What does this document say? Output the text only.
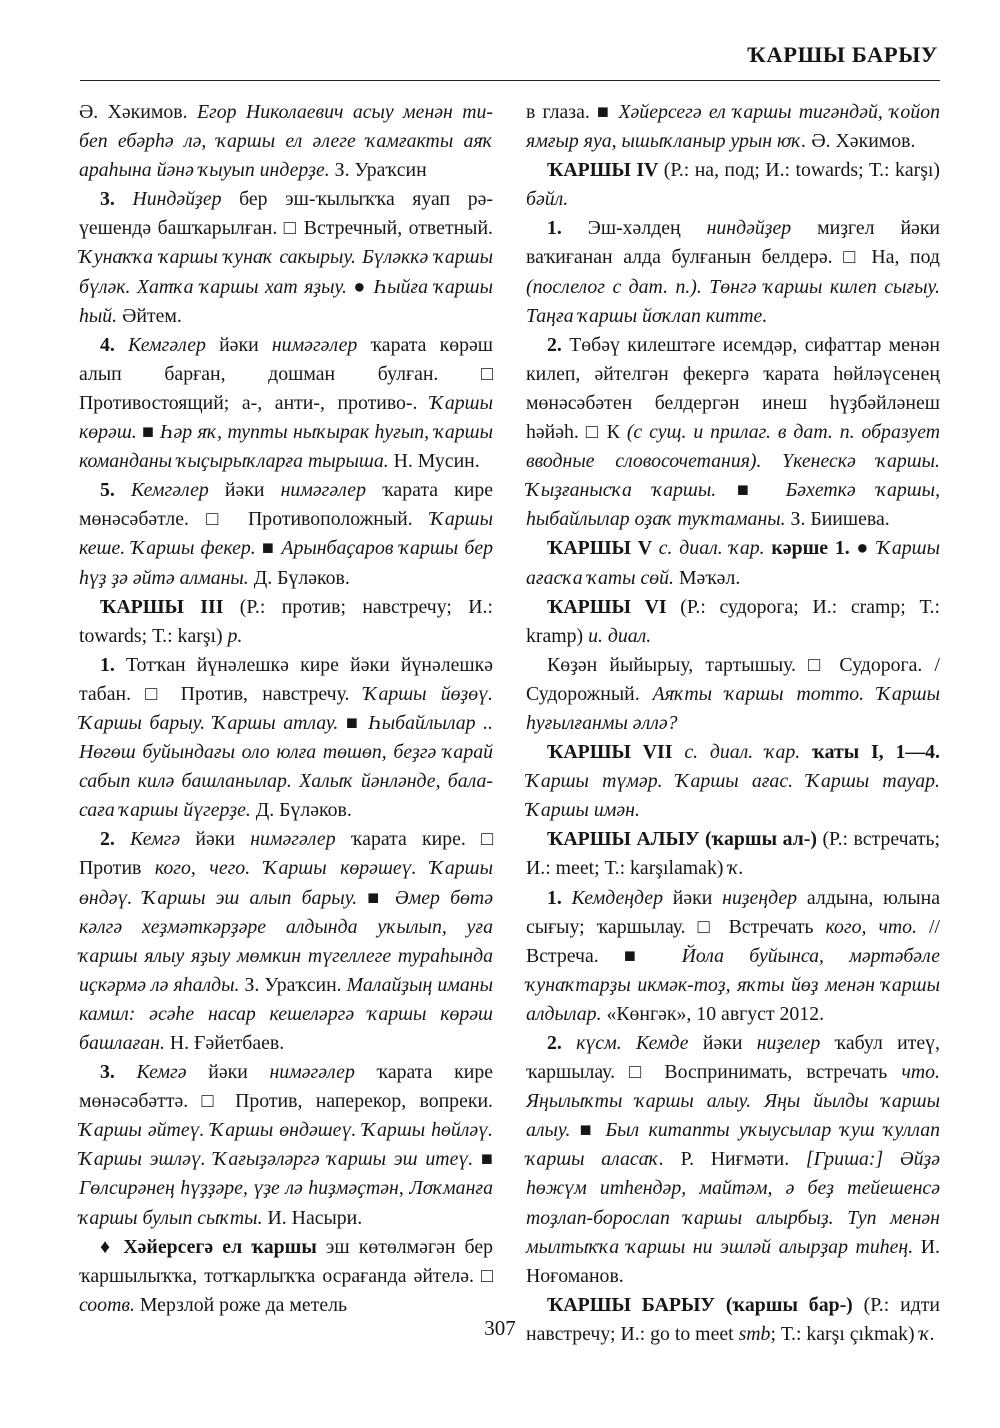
ҠАРШЫ БАРЫУ

Ә. Хәкимов. Егор Николаевич асыу менән ти-беп ебәрһә лә, ҡаршы ел әлеге ҡамғакты аяҡ араһына йәнә ҡыуып индерҙе. З. Ураҡсин

3. Ниндәйҙер бер эш-ҡылыҡҡа яуап рә-үешендә башҡарылған. □ Встречный, ответный. Ҡунаҡҡа ҡаршы ҡунаҡ сакырыу. Бүләккә ҡаршы бүләк. Хатҡа ҡаршы хат яҙыу. ● Һыйға ҡаршы һый. Әйтем.

4. Кемгәлер йәки нимәгәлер ҡарата көрәш алып барған, дошман булған. □ Противостоящий; а-, анти-, противо-. Ҡаршы көрәш. ■ Һәр яҡ, тупты ныҡырак һуғып, ҡаршы команданы ҡыҫырыҡларға тырыша. Н. Мусин.

5. Кемгәлер йәки нимәгәлер ҡарата кире мөнәсәбәтле. □ Противоположный. Ҡаршы кеше. Ҡаршы фекер. ■ Арынбаҫаров ҡаршы бер һүҙ ҙә әйтә алманы. Д. Бүләков.

ҠАРШЫ III (Р.: против; навстречу; И.: towards; Т.: karşı) р.

1. Тотҡан йүнәлешкә кире йәки йүнәлешкә табан. □ Против, навстречу. Ҡаршы йөҙөү. Ҡаршы барыу. Ҡаршы атлау. ■ Һыбайлылар .. Нөгөш буйындағы оло юлға төшөп, беҙгә ҡарай сабып килә башланылар. Халыҡ йәнләнде, бала-саға ҡаршы йүгерҙе. Д. Бүләков.

2. Кемгә йәки нимәгәлер ҡарата кире. □ Против кого, чего. Ҡаршы көрәшеү. Ҡаршы өндәү. Ҡаршы эш алып барыу. ■ Әмер бөтә кәлгә хеҙмәткәрҙәре алдында уҡылып, уға ҡаршы ялыу яҙыу мөмкин түгеллеге тураһында иҫкәрмә лә яһалды. З. Ураҡсин. Малайҙың иманы камил: әсәһе насар кешеләргә ҡаршы көрәш башлаған. Н. Ғәйетбаев.

3. Кемгә йәки нимәгәлер ҡарата кире мөнәсәбәттә. □ Против, наперекор, вопреки. Ҡаршы әйтеү. Ҡаршы өндәшеү. Ҡаршы һөйләү. Ҡаршы эшләү. Ҡағыҙәләргә ҡаршы эш итеү. ■ Гөлсирәнең һүҙҙәре, үҙе лә һиҙмәҫтән, Лоҡманға ҡаршы булып сыҡты. И. Насыри.

♦ Хәйерсегә ел ҡаршы эш көтөлмәгән бер ҡаршылыҡҡа, тотҡарлыҡҡа осрағанда әйтелә. □ соотв. Мерзлой роже да метель

в глаза. ■ Хәйерсегә ел ҡаршы тигәндәй, ҡойоп ямғыр яуа, ышыҡланыр урын юҡ. Ә. Хәкимов.

ҠАРШЫ IV (Р.: на, под; И.: towards; Т.: karşı) бәйл.

1. Эш-хәлдең ниндәйҙер миҙгел йәки ваҡиғанан алда булғанын белдерә. □ На, под (послелог с дат. п.). Төнгә ҡаршы килеп сығыу. Таңға ҡаршы йоҡлап китте.

2. Төбәү килештәге исемдәр, сифаттар менән килеп, әйтелгән фекергә ҡарата һөйләүсенең мөнәсәбәтен белдергән инеш һүҙбәйләнеш һәйәһ. □ К (с сущ. и прилаг. в дат. п. образует вводные словосочетания). Үкенескә ҡаршы. Ҡыҙғанысҡа ҡаршы. ■ Бәхеткә ҡаршы, һыбайлылар оҙаҡ туҡтаманы. З. Биишева.

ҠАРШЫ V с. диал. ҡар. кәрше 1. ● Ҡаршы ағасҡа ҡаты сөй. Мәҡәл.

ҠАРШЫ VI (Р.: судорога; И.: cramp; Т.: kramp) и. диал.

Көҙән йыйырыу, тартышыу. □ Судорога. / Судорожный. Аяҡты ҡаршы тотто. Ҡаршы һуғылғанмы әллә?

ҠАРШЫ VII с. диал. ҡар. ҡаты I, 1—4. Ҡаршы түмәр. Ҡаршы ағас. Ҡаршы тауар. Ҡаршы имән.

ҠАРШЫ АЛЫУ (ҡаршы ал-) (Р.: встречать; И.: meet; Т.: karşılamak) ҡ.

1. Кемдеңдер йәки ниҙеңдер алдына, юлына сығыу; ҡаршылау. □ Встречать кого, что. // Встреча. ■ Йола буйынса, мәртәбәле ҡунаҡтарҙы икмәк-тоҙ, яҡты йөҙ менән ҡаршы алдылар. «Көнгәк», 10 август 2012.

2. күсм. Кемде йәки ниҙелер ҡабул итеү, ҡаршылау. □ Воспринимать, встречать что. Яңылыҡты ҡаршы алыу. Яңы йылды ҡаршы алыу. ■ Был китапты уҡыусылар ҡуш ҡуллап ҡаршы алаcаҡ. Р. Ниғмәти. [Гриша:] Әйҙә һөжүм итһендәр, майтәм, ә беҙ тейешенсә тоҙлап-борослап ҡаршы алырбыҙ. Туп менән мылтыҡҡа ҡаршы ни эшләй алырҙар тиһең. И. Ноғоманов.

ҠАРШЫ БАРЫУ (ҡаршы бар-) (Р.: идти навстречу; И.: go to meet smb; Т.: karşı çıkmak) ҡ.

307
